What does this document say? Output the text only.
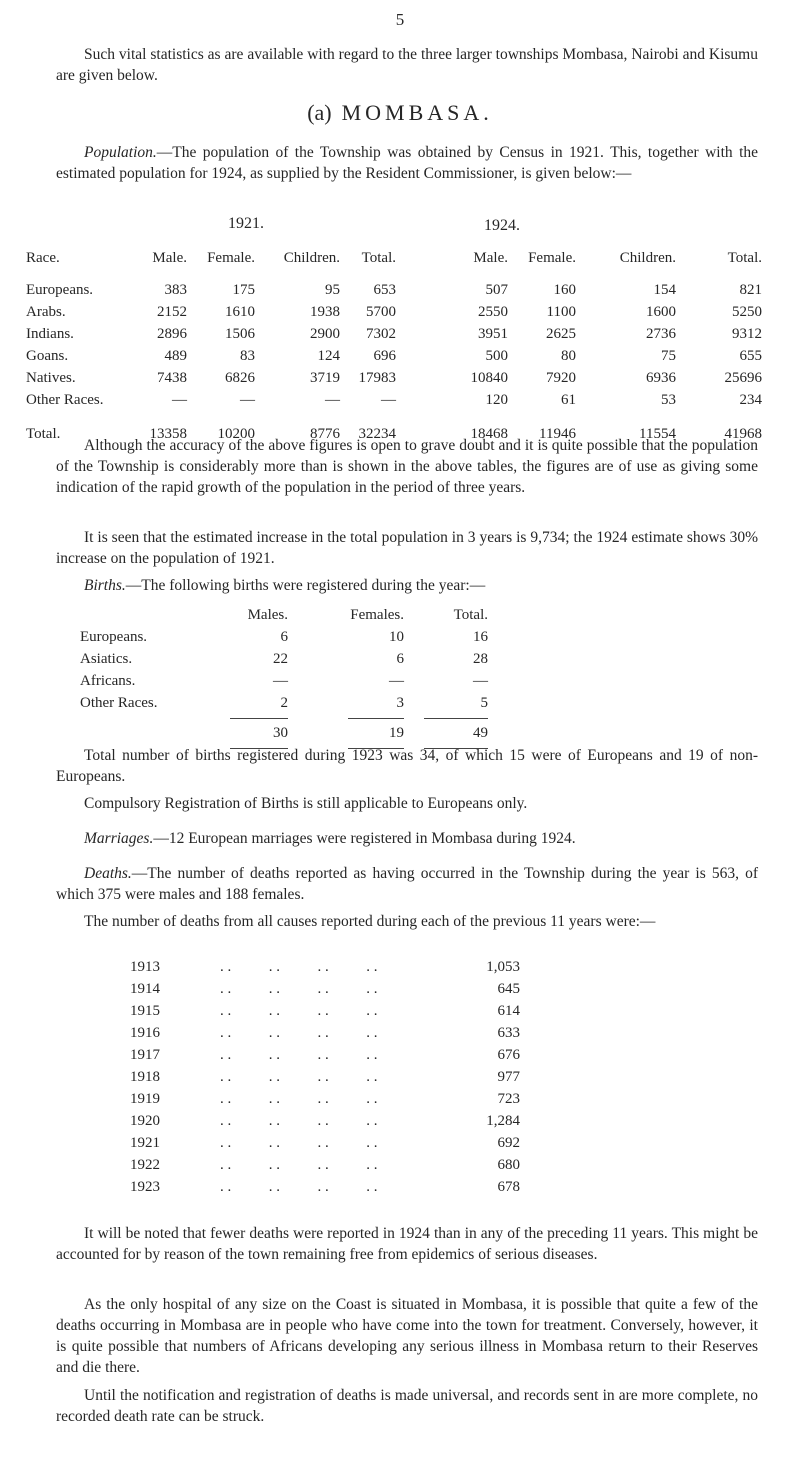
5
Such vital statistics as are available with regard to the three larger townships Mombasa, Nairobi and Kisumu are given below.
(a) MOMBASA.
Population.—The population of the Township was obtained by Census in 1921. This, together with the estimated population for 1924, as supplied by the Resident Commissioner, is given below:—
1921.	1924.
Race.	Male.	Female.	Children.	Total.	Male.	Female.	Children.	Total.

Europeans.	383	175	95	653	507	160	154	821
Arabs.	2152	1610	1938	5700	2550	1100	1600	5250
Indians.	2896	1506	2900	7302	3951	2625	2736	9312
Goans.	489	83	124	696	500	80	75	655
Natives.	7438	6826	3719	17983	10840	7920	6936	25696
Other Races.	—	—	—	—	120	61	53	234

Total.	13358	10200	8776	32234	18468	11946	11554	41968
Although the accuracy of the above figures is open to grave doubt and it is quite possible that the population of the Township is considerably more than is shown in the above tables, the figures are of use as giving some indication of the rapid growth of the population in the period of three years.
It is seen that the estimated increase in the total population in 3 years is 9,734; the 1924 estimate shows 30% increase on the population of 1921.
Births.—The following births were registered during the year:—
	Males.	Females.	Total.
Europeans.	6	10	16
Asiatics.	22	6	28
Africans.	—	—	—
Other Races.	2	3	5

	30	19	49

Total number of births registered during 1923 was 34, of which 15 were of Europeans and 19 of non-Europeans.
Compulsory Registration of Births is still applicable to Europeans only.
Marriages.—12 European marriages were registered in Mombasa during 1924.
Deaths.—The number of deaths reported as having occurred in the Township during the year is 563, of which 375 were males and 188 females.
The number of deaths from all causes reported during each of the previous 11 years were:—
1913	. .          . .          . .          . .	1,053
1914	. .          . .          . .          . .	645
1915	. .          . .          . .          . .	614
1916	. .          . .          . .          . .	633
1917	. .          . .          . .          . .	676
1918	. .          . .          . .          . .	977
1919	. .          . .          . .          . .	723
1920	. .          . .          . .          . .	1,284
1921	. .          . .          . .          . .	692
1922	. .          . .          . .          . .	680
1923	. .          . .          . .          . .	678
It will be noted that fewer deaths were reported in 1924 than in any of the preceding 11 years. This might be accounted for by reason of the town remaining free from epidemics of serious diseases.
As the only hospital of any size on the Coast is situated in Mombasa, it is possible that quite a few of the deaths occurring in Mombasa are in people who have come into the town for treatment. Conversely, however, it is quite possible that numbers of Africans developing any serious illness in Mombasa return to their Reserves and die there.
Until the notification and registration of deaths is made universal, and records sent in are more complete, no recorded death rate can be struck.
